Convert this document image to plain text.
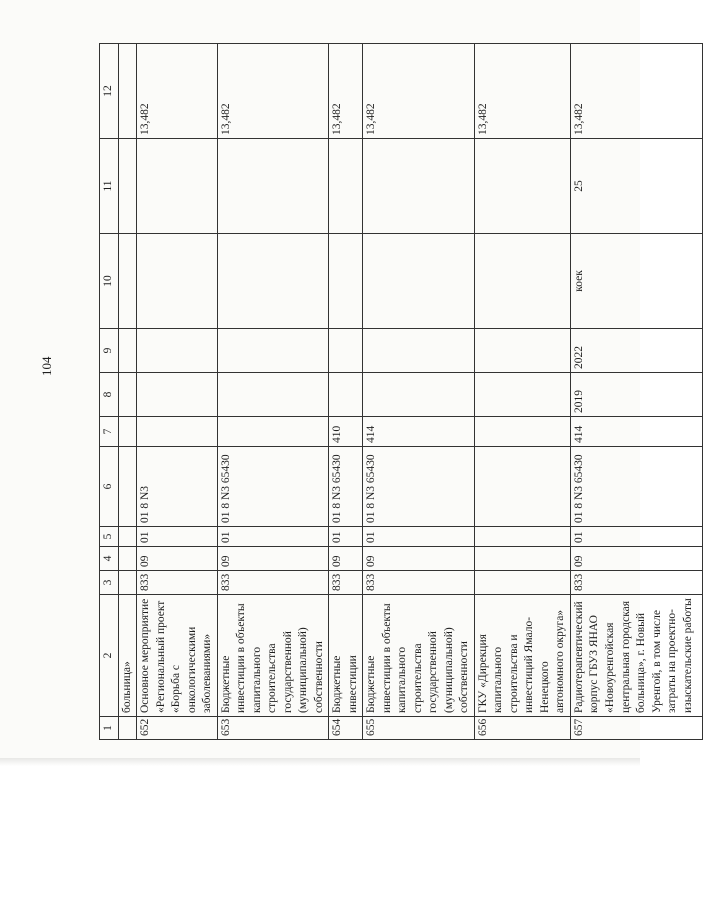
104
1	2	3	4	5	6	7	8	9	10	11	12
	больница»										
652	Основное мероприятие «Региональный проект «Борьба с онкологическими заболеваниями»	833	09	01	01 8 N3						13,482
653	Бюджетные инвестиции в объекты капитального строительства государственной (муниципальной) собственности	833	09	01	01 8 N3 65430						13,482
654	Бюджетные инвестиции	833	09	01	01 8 N3 65430	410					13,482
655	Бюджетные инвестиции в объекты капитального строительства государственной (муниципальной) собственности	833	09	01	01 8 N3 65430	414					13,482
656	ГКУ «Дирекция капитального строительства и инвестиций Ямало-Ненецкого автономного округа»										13,482
657	Радиотерапевтический корпус ГБУЗ ЯНАО «Новоуренгойская центральная городская больница», г. Новый Уренгой, в том числе затраты на проектно-изыскательские работы	833	09	01	01 8 N3 65430	414	2019	2022	коек	25	13,482
